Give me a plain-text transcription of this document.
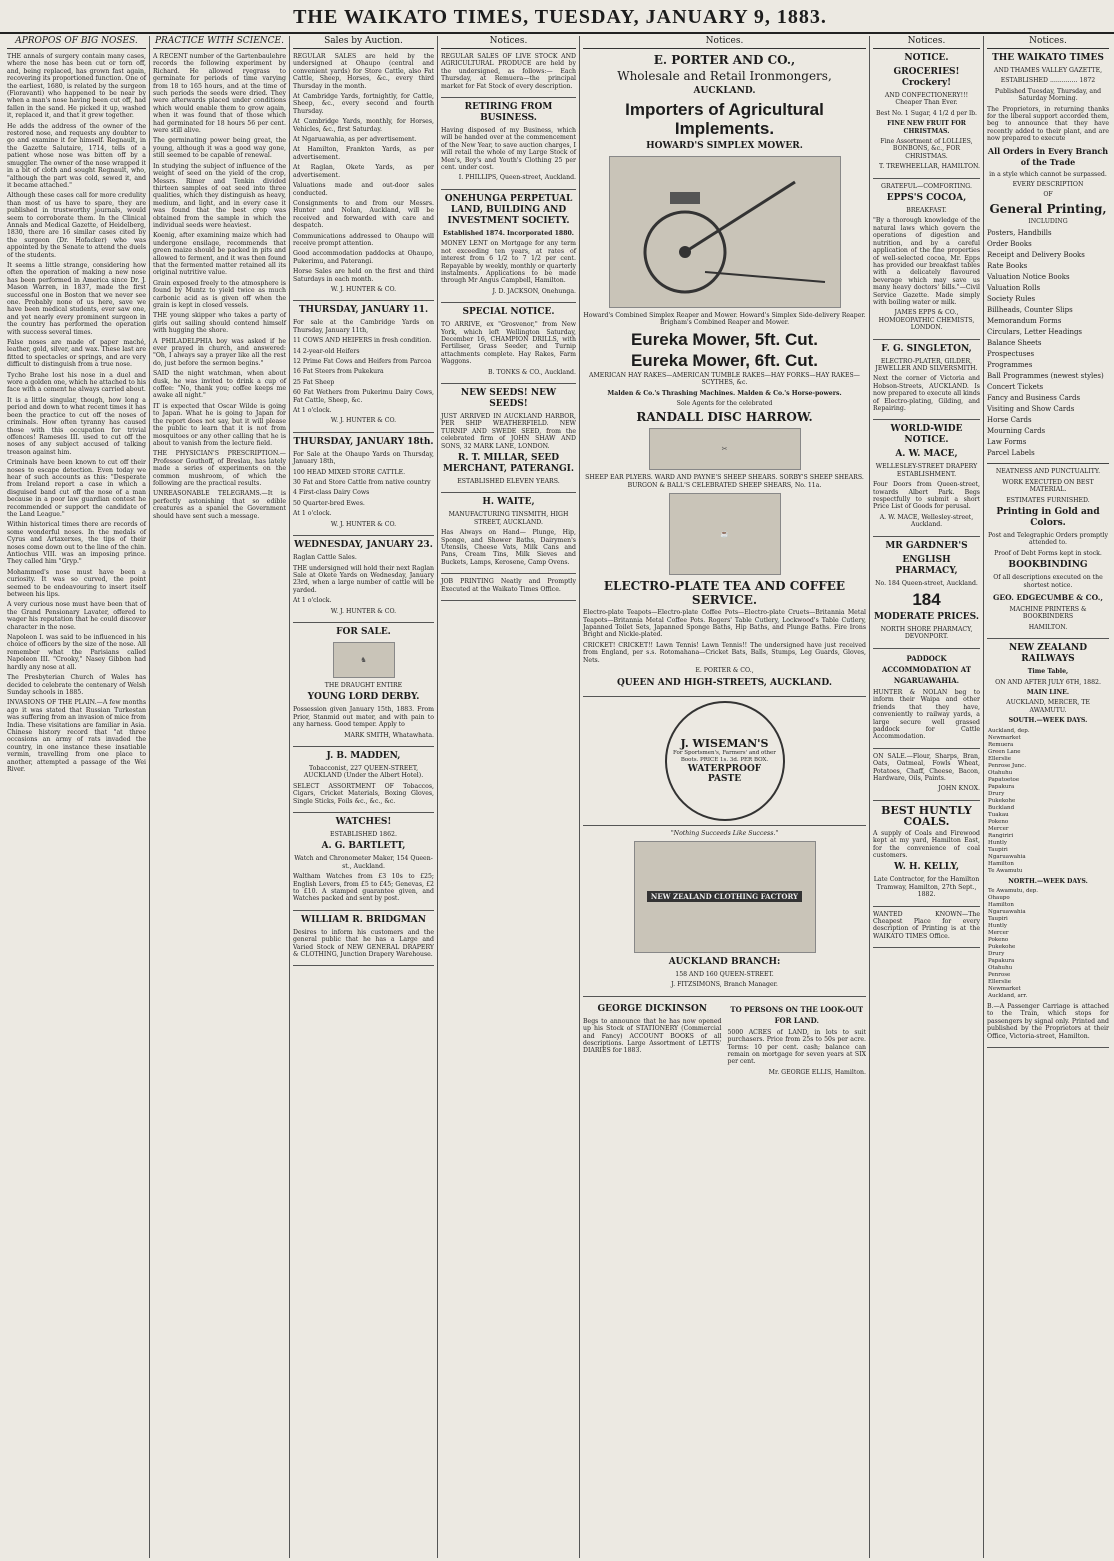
THE WAIKATO TIMES, TUESDAY, JANUARY 9, 1883.
APROPOS OF BIG NOSES.

THE annals of surgery contain many cases, where the nose has been cut or torn off, and, being replaced, has grown fast again, recovering its proportioned function. One of the earliest, 1680, is related by the surgeon (Fioravanti) who happened to be near by when a man's nose having been cut off, had fallen in the sand. He picked it up, washed it, replaced it, and that it grew together.

He adds the address of the owner of the restored nose, and requests any doubter to go and examine it for himself. Regnault, in the Gazette Salutaire, 1714, tells of a patient whose nose was bitten off by a smuggler. The owner of the nose wrapped it in a bit of cloth and sought Regnault, who, "although the part was cold, sewed it, and it became attached."

Although these cases call for more credulity than most of us have to spare, they are published in trustworthy journals, would seem to corroborate them. In the Clinical Annals and Medical Gazette, of Heidelberg, 1830, there are 16 similar cases cited by the surgeon (Dr. Hofacker) who was appointed by the Senate to attend the duels of the students.

It seems a little strange, considering how often the operation of making a new nose has been performed in America since Dr. J. Mason Warren, in 1837, made the first successful one in Boston that we never see one. Probably none of us here, save we have been medical students, ever saw one, and yet nearly every prominent surgeon in the country has performed the operation with success several times.

False noses are made of paper maché, leather, gold, silver, and wax. These last are fitted to spectacles or springs, and are very difficult to distinguish from a true nose.

Tycho Brahe lost his nose in a duel and wore a golden one, which he attached to his face with a cement he always carried about.

It is a little singular, though, how long a period and down to what recent times it has been the practice to cut off the noses of criminals. How often tyranny has caused those with this occupation for trivial offences! Rameses III. used to cut off the noses of any subject accused of talking treason against him.

Criminals have been known to cut off their noses to escape detection. Even today we hear of such accounts as this: "Desperate from Ireland report a case in which a disguised band cut off the nose of a man because in a poor law guardian contest he recommended or support the candidate of the Land League."

Within historical times there are records of some wonderful noses. In the medals of Cyrus and Artaxerxes, the tips of their noses come down out to the line of the chin. Antiochus VIII. was an imposing prince. They called him "Gryp."

Mohammed's nose must have been a curiosity. It was so curved, the point seemed to be endeavouring to insert itself between his lips.

A very curious nose must have been that of the Grand Pensionary Lavater, offered to wager his reputation that he could discover character in the nose.

Napoleon I. was said to be influenced in his choice of officers by the size of the nose. All remember what the Parisians called Napoleon III. "Crooky," Nasey Gibbon had hardly any nose at all.

The Presbyterian Church of Wales has decided to celebrate the centenary of Welsh Sunday schools in 1885.

INVASIONS OF THE PLAIN.—A few months ago it was stated that Russian Turkestan was suffering from an invasion of mice from India. These visitations are familiar in Asia. Chinese history record that "at three occasions an army of rats invaded the country, in one instance these insatiable vermin, travelling from one place to another, attempted a passage of the Wei River.

PRACTICE WITH SCIENCE.

A RECENT number of the Gartenbaulehre records the following experiment by Richard. He allowed ryegrass to germinate for periods of time varying from 18 to 165 hours, and at the time of such periods the seeds were dried. They were afterwards placed under conditions which would enable them to grow again, when it was found that of those which had germinated for 18 hours 56 per cent. were still alive.

The germinating power being great, the young, although it was a good way gone, still seemed to be capable of renewal.

In studying the subject of influence of the weight of seed on the yield of the crop, Messrs. Rimer and Tenkin divided thirteen samples of oat seed into three qualities, which they distinguish as heavy, medium, and light, and in every case it was found that the best crop was obtained from the sample in which the individual seeds were heaviest.

Koenig, after examining maize which had undergone ensilage, recommends that green maize should be packed in pits and allowed to ferment, and it was then found that the fermented matter retained all its original nutritive value.

Grain exposed freely to the atmosphere is found by Muntz to yield twice as much carbonic acid as is given off when the grain is kept in closed vessels.

THE young skipper who takes a party of girls out sailing should contend himself with hugging the shore.

A PHILADELPHIA boy was asked if he ever prayed in church, and answered: "Oh, I always say a prayer like all the rest do, just before the sermon begins."

SAID the night watchman, when about dusk, he was invited to drink a cup of coffee: "No, thank you; coffee keeps me awake all night."

IT is expected that Oscar Wilde is going to Japan. What he is going to Japan for the report does not say, but it will please the public to learn that it is not from mosquitoes or any other calling that he is about to vanish from the lecture field.

THE PHYSICIAN'S PRESCRIPTION.—Professor Gouthoff, of Breslau, has lately made a series of experiments on the common mushroom, of which the following are the practical results.

UNREASONABLE TELEGRAMS.—It is perfectly astonishing that so edible creatures as a spaniel the Government should have sent such a message.

Sales by Auction.

REGULAR SALES are held by the undersigned at Ohaupo (central and convenient yards) for Store Cattle, also Fat Cattle, Sheep, Horses, &c., every third Thursday in the month.

At Cambridge Yards, fortnightly, for Cattle, Sheep, &c., every second and fourth Thursday.

At Cambridge Yards, monthly, for Horses, Vehicles, &c., first Saturday.

At Ngaruawahia, as per advertisement.

At Hamilton, Frankton Yards, as per advertisement.

At Raglan, Okete Yards, as per advertisement.

Valuations made and out-door sales conducted.

Consignments to and from our Messrs. Hunter and Nolan, Auckland, will be received and forwarded with care and despatch.

Communications addressed to Ohaupo will receive prompt attention.

Good accommodation paddocks at Ohaupo, Pukerimu, and Paterangi.

Horse Sales are held on the first and third Saturdays in each month.

W. J. HUNTER & CO.

THURSDAY, JANUARY 11.

For sale at the Cambridge Yards on Thursday, January 11th,

11 COWS AND HEIFERS in fresh condition.

14 2-year-old Heifers

12 Prime Fat Cows and Heifers from Parcoa

16 Fat Steers from Pukekura

25 Fat Sheep

60 Fat Wethers from Pukerimu Dairy Cows, Fat Cattle, Sheep, &c.

At 1 o'clock.

W. J. HUNTER & CO.

THURSDAY, JANUARY 18th.

For Sale at the Ohaupo Yards on Thursday, January 18th,

100 HEAD MIXED STORE CATTLE.

30 Fat and Store Cattle from native country

4 First-class Dairy Cows

50 Quarter-bred Ewes.

At 1 o'clock.

W. J. HUNTER & CO.

WEDNESDAY, JANUARY 23.

Raglan Cattle Sales.

THE undersigned will hold their next Raglan Sale at Okete Yards on Wednesday, January 23rd, when a large number of cattle will be yarded.

At 1 o'clock.

W. J. HUNTER & CO.

FOR SALE.
♞

THE DRAUGHT ENTIRE

YOUNG LORD DERBY.

Possession given January 15th, 1883. From Prior, Stanmid out mater, and with pain to any harness. Good temper. Apply to

MARK SMITH, Whatawhata.

J. B. MADDEN,

Tobacconist, 227 QUEEN-STREET, AUCKLAND (Under the Albert Hotel).

SELECT ASSORTMENT OF Tobaccos, Cigars, Cricket Materials, Boxing Gloves, Single Sticks, Foils &c., &c., &c.

WATCHES!

ESTABLISHED 1862.

A. G. BARTLETT,

Watch and Chronometer Maker, 154 Queen-st., Auckland.

Waltham Watches from £3 10s to £25; English Levers, from £5 to £45; Genevas, £2 to £10. A stamped guarantee given, and Watches packed and sent by post.

WILLIAM R. BRIDGMAN

Desires to inform his customers and the general public that he has a Large and Varied Stock of NEW GENERAL DRAPERY & CLOTHING, Junction Drapery Warehouse.

Notices.

REGULAR SALES OF LIVE STOCK AND AGRICULTURAL PRODUCE are held by the undersigned, as follows:— Each Thursday, at Remuera—the principal market for Fat Stock of every description.

RETIRING FROM BUSINESS.

Having disposed of my Business, which will be handed over at the commencement of the New Year, to save auction charges, I will retail the whole of my Large Stock of Men's, Boy's and Youth's Clothing 25 per cent. under cost.

I. PHILLIPS, Queen-street, Auckland.

ONEHUNGA PERPETUAL LAND, BUILDING AND INVESTMENT SOCIETY.

Established 1874. Incorporated 1880.

MONEY LENT on Mortgage for any term not exceeding ten years, at rates of interest from 6 1/2 to 7 1/2 per cent. Repayable by weekly, monthly or quarterly instalments. Applications to be made through Mr Angus Campbell, Hamilton.

J. D. JACKSON, Onehunga.

SPECIAL NOTICE.

TO ARRIVE, ex "Grosvenor," from New York, which left Wellington Saturday, December 16, CHAMPION DRILLS, with Fertiliser, Grass Seeder, and Turnip attachments complete. Hay Rakes, Farm Waggons.

B. TONKS & CO., Auckland.

NEW SEEDS! NEW SEEDS!

JUST ARRIVED IN AUCKLAND HARBOR, PER SHIP WEATHERFIELD. NEW TURNIP AND SWEDE SEED, from the celebrated firm of JOHN SHAW AND SONS, 32 MARK LANE, LONDON.

R. T. MILLAR, SEED MERCHANT, PATERANGI.

ESTABLISHED ELEVEN YEARS.

H. WAITE,

MANUFACTURING TINSMITH, HIGH STREET, AUCKLAND.

Has Always on Hand— Plunge, Hip, Sponge, and Shower Baths, Dairymen's Utensils, Cheese Vats, Milk Cans and Pans, Cream Tins, Milk Sieves and Buckets, Lamps, Kerosene, Camp Ovens.

JOB PRINTING Neatly and Promptly Executed at the Waikato Times Office.

Notices.
E. PORTER AND CO.,
Wholesale and Retail Ironmongers,
AUCKLAND.
Importers of Agricultural Implements.
HOWARD'S SIMPLEX MOWER.

Howard's Combined Simplex Reaper and Mower. Howard's Simplex Side-delivery Reaper. Brigham's Combined Reaper and Mower.

Eureka Mower, 5ft. Cut.
Eureka Mower, 6ft. Cut.

AMERICAN HAY RAKES—AMERICAN TUMBLE RAKES—HAY FORKS—HAY RAKES—SCYTHES, &c.

Malden & Co.'s Thrashing Machines. Malden & Co.'s Horse-powers.

Sole Agents for the celebrated

RANDALL DISC HARROW.
✂

SHEEP EAR PLYERS. WARD AND PAYNE'S SHEEP SHEARS. SORBY'S SHEEP SHEARS. BURGON & BALL'S CELEBRATED SHEEP SHEARS, No. 11a.

☕
ELECTRO-PLATE TEA AND COFFEE SERVICE.

Electro-plate Teapots—Electro-plate Coffee Pots—Electro-plate Cruets—Britannia Metal Teapots—Britannia Metal Coffee Pots. Rogers' Table Cutlery, Lockwood's Table Cutlery, Japanned Toilet Sets, Japanned Sponge Baths, Hip Baths, and Plunge Baths. Fire Irons Bright and Nickle-plated.

CRICKET! CRICKET!! Lawn Tennis! Lawn Tennis!! The undersigned have just received from England, per s.s. Rotomahana—Cricket Bats, Balls, Stumps, Leg Guards, Gloves, Nets.

E. PORTER & CO.,

QUEEN AND HIGH-STREETS, AUCKLAND.
J. WISEMAN'S
For Sportsmen's, Farmers' and other Boots. PRICE 1s. 3d. PER BOX.
WATERPROOF PASTE

"Nothing Succeeds Like Success."

NEW ZEALAND CLOTHING FACTORY
AUCKLAND BRANCH:

158 AND 160 QUEEN-STREET.

J. FITZSIMONS, Branch Manager.

GEORGE DICKINSON

Begs to announce that he has now opened up his Stock of STATIONERY (Commercial and Fancy) ACCOUNT BOOKS of all descriptions. Large Assortment of LETTS' DIARIES for 1883.

TO PERSONS ON THE LOOK-OUT FOR LAND.

5000 ACRES of LAND, in lots to suit purchasers. Price from 25s to 50s per acre. Terms: 10 per cent. cash; balance can remain on mortgage for seven years at SIX per cent.

Mr. GEORGE ELLIS, Hamilton.

Notices.
NOTICE.
GROCERIES! Crockery!

AND CONFECTIONERY!!! Cheaper Than Ever.

Best No. 1 Sugar, 4 1/2 d per lb.

FINE NEW FRUIT FOR CHRISTMAS.

Fine Assortment of LOLLIES, BONBONS, &c., FOR CHRISTMAS.

T. TREWHEELLAR, HAMILTON.

GRATEFUL—COMFORTING.

EPPS'S COCOA,

BREAKFAST.

"By a thorough knowledge of the natural laws which govern the operations of digestion and nutrition, and by a careful application of the fine properties of well-selected cocoa, Mr. Epps has provided our breakfast tables with a delicately flavoured beverage which may save us many heavy doctors' bills."—Civil Service Gazette. Made simply with boiling water or milk.

JAMES EPPS & CO., HOMOEOPATHIC CHEMISTS, LONDON.

F. G. SINGLETON,

ELECTRO-PLATER, GILDER, JEWELLER AND SILVERSMITH.

Next the corner of Victoria and Hobson-Streets, AUCKLAND. Is now prepared to execute all kinds of Electro-plating, Gilding, and Repairing.

WORLD-WIDE NOTICE.
A. W. MACE,

WELLESLEY-STREET DRAPERY ESTABLISHMENT.

Four Doors from Queen-street, towards Albert Park. Begs respectfully to submit a short Price List of Goods for perusal.

A. W. MACE, Wellesley-street, Auckland.

MR GARDNER'S
ENGLISH PHARMACY,

No. 184 Queen-street, Auckland.

184
MODERATE PRICES.

NORTH SHORE PHARMACY, DEVONPORT.

PADDOCK ACCOMMODATION AT NGARUAWAHIA.

HUNTER & NOLAN beg to inform their Waipa and other friends that they have, conveniently to railway yards, a large secure well grassed paddock for Cattle Accommodation.

ON SALE.—Flour, Sharps, Bran, Oats, Oatmeal, Fowls Wheat, Potatoes, Chaff, Cheese, Bacon, Hardware, Oils, Paints.

JOHN KNOX.

BEST HUNTLY COALS.

A supply of Coals and Firewood kept at my yard, Hamilton East, for the convenience of coal customers.

W. H. KELLY,

Late Contractor, for the Hamilton Tramway, Hamilton, 27th Sept., 1882.

WANTED KNOWN—The Cheapest Place for every description of Printing is at the WAIKATO TIMES Office.

Notices.
THE WAIKATO TIMES

AND THAMES VALLEY GAZETTE,

ESTABLISHED .............. 1872

Published Tuesday, Thursday, and Saturday Morning.

The Proprietors, in returning thanks for the liberal support accorded them, beg to announce that they have recently added to their plant, and are now prepared to execute

All Orders in Every Branch of the Trade

in a style which cannot be surpassed.

EVERY DESCRIPTION

OF

General Printing,

INCLUDING

Posters, Handbills
Order Books
Receipt and Delivery Books
Rate Books
Valuation Notice Books
Valuation Rolls
Society Rules
Billheads, Counter Slips
Memorandum Forms
Circulars, Letter Headings
Balance Sheets
Prospectuses
Programmes
Ball Programmes (newest styles)
Concert Tickets
Fancy and Business Cards
Visiting and Show Cards
Horse Cards
Mourning Cards
Law Forms
Parcel Labels

NEATNESS AND PUNCTUALITY.

WORK EXECUTED ON BEST MATERIAL.

ESTIMATES FURNISHED.

Printing in Gold and Colors.

Post and Telegraphic Orders promptly attended to.

Proof of Debt Forms kept in stock.

BOOKBINDING

Of all descriptions executed on the shortest notice.

GEO. EDGECUMBE & CO.,

MACHINE PRINTERS & BOOKBINDERS

HAMILTON.

NEW ZEALAND RAILWAYS

Time Table,

ON AND AFTER JULY 6TH, 1882.

MAIN LINE.

AUCKLAND, MERCER, TE AWAMUTU.

SOUTH.—WEEK DAYS.

Auckland, dep.			
Newmarket			
Remuera			
Green Lane			
Ellerslie			
Penrose Junc.			
Otahuhu			
Papatoetoe			
Papakura			
Drury			
Pukekohe			
Buckland			
Tuakau			
Pokeno			
Mercer			
Rangiriri			
Huntly			
Taupiri			
Ngaruawahia			
Hamilton			
Te Awamutu			

NORTH.—WEEK DAYS.

Te Awamutu, dep.			
Ohaupo			
Hamilton			
Ngaruawahia			
Taupiri			
Huntly			
Mercer			
Pokeno			
Pukekohe			
Drury			
Papakura			
Otahuhu			
Penrose			
Ellerslie			
Newmarket			
Auckland, arr.			

B.—A Passenger Carriage is attached to the Train, which stops for passengers by signal only. Printed and published by the Proprietors at their Office, Victoria-street, Hamilton.
